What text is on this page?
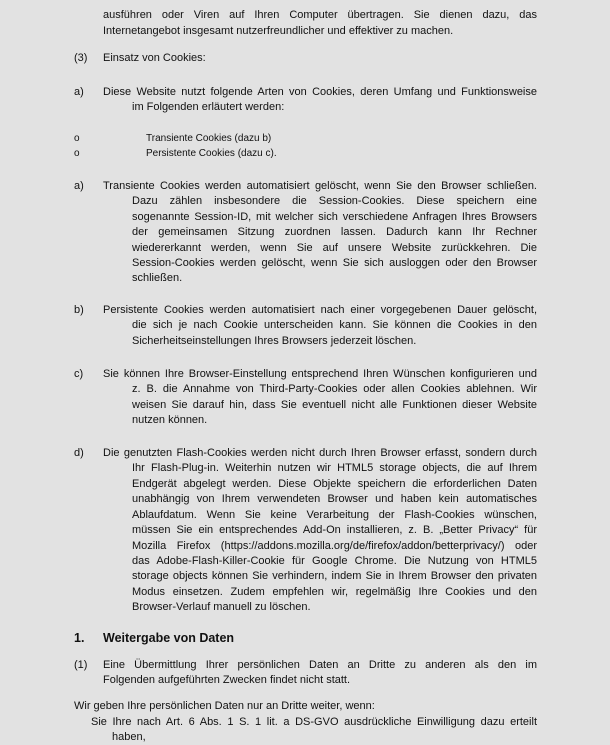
ausführen oder Viren auf Ihren Computer übertragen. Sie dienen dazu, das
Internetangebot insgesamt nutzerfreundlicher und effektiver zu machen.
(3) Einsatz von Cookies:
a) Diese Website nutzt folgende Arten von Cookies, deren Umfang und Funktionsweise
im Folgenden erläutert werden:
o	Transiente Cookies (dazu b)
o	Persistente Cookies (dazu c).
a) Transiente Cookies werden automatisiert gelöscht, wenn Sie den Browser schließen.
Dazu zählen insbesondere die Session-Cookies. Diese speichern eine
sogenannte Session-ID, mit welcher sich verschiedene Anfragen Ihres Browsers
der gemeinsamen Sitzung zuordnen lassen. Dadurch kann Ihr Rechner
wiedererkannt werden, wenn Sie auf unsere Website zurückkehren. Die
Session-Cookies werden gelöscht, wenn Sie sich ausloggen oder den Browser
schließen.
b) Persistente Cookies werden automatisiert nach einer vorgegebenen Dauer gelöscht,
die sich je nach Cookie unterscheiden kann. Sie können die Cookies in den
Sicherheitseinstellungen Ihres Browsers jederzeit löschen.
c) Sie können Ihre Browser-Einstellung entsprechend Ihren Wünschen konfigurieren und
z. B. die Annahme von Third-Party-Cookies oder allen Cookies ablehnen. Wir
weisen Sie darauf hin, dass Sie eventuell nicht alle Funktionen dieser Website
nutzen können.
d) Die genutzten Flash-Cookies werden nicht durch Ihren Browser erfasst, sondern durch
Ihr Flash-Plug-in. Weiterhin nutzen wir HTML5 storage objects, die auf Ihrem
Endgerät abgelegt werden. Diese Objekte speichern die erforderlichen Daten
unabhängig von Ihrem verwendeten Browser und haben kein automatisches
Ablaufdatum. Wenn Sie keine Verarbeitung der Flash-Cookies wünschen,
müssen Sie ein entsprechendes Add-On installieren, z. B. „Better Privacy“ für
Mozilla Firefox (https://addons.mozilla.org/de/firefox/addon/betterprivacy/) oder
das Adobe-Flash-Killer-Cookie für Google Chrome. Die Nutzung von HTML5
storage objects können Sie verhindern, indem Sie in Ihrem Browser den privaten
Modus einsetzen. Zudem empfehlen wir, regelmäßig Ihre Cookies und den
Browser-Verlauf manuell zu löschen.
1. Weitergabe von Daten
(1) Eine Übermittlung Ihrer persönlichen Daten an Dritte zu anderen als den im
Folgenden aufgeführten Zwecken findet nicht statt.
Wir geben Ihre persönlichen Daten nur an Dritte weiter, wenn:
Sie Ihre nach Art. 6 Abs. 1 S. 1 lit. a DS-GVO ausdrückliche Einwilligung dazu erteilt
haben,
